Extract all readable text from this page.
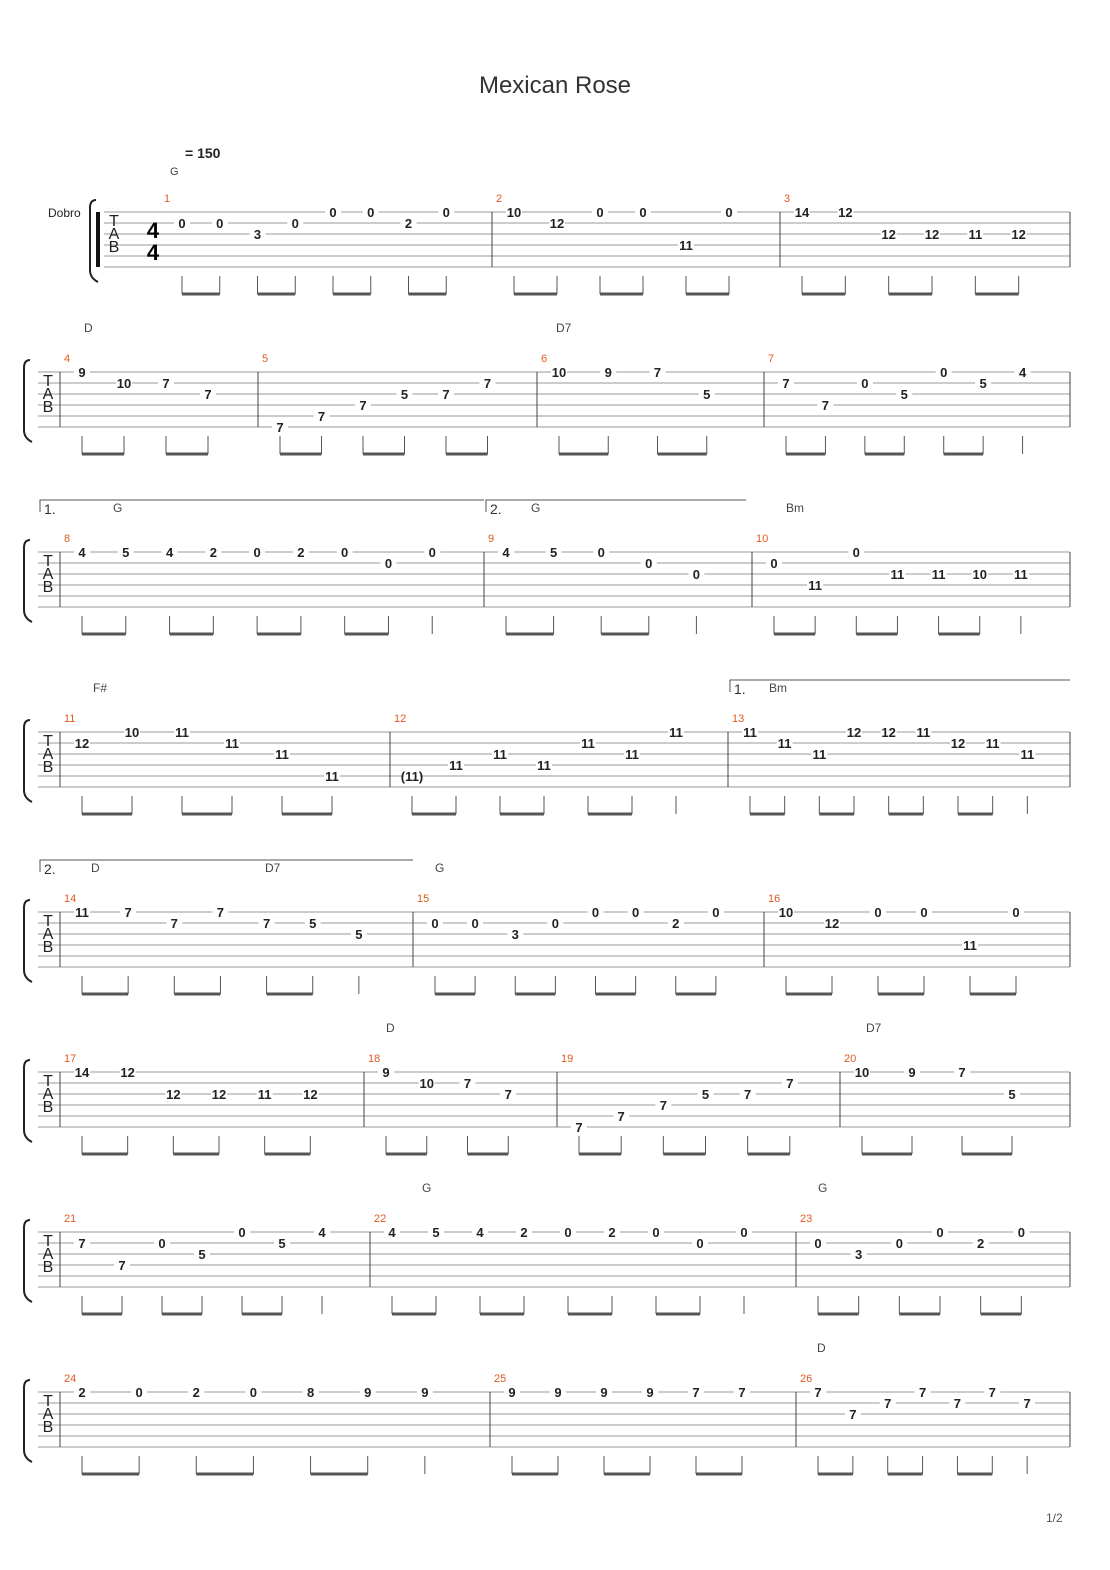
Mexican Rose
= 150
G
Dobro
1/2
T
A
B
4
4
1
0 0
3
0
0 0
2
0
2
10
12
0	0
11
0
3
14 12
12 12 11 12
T
A
B
D	D7
4
9
10 7
7
5
7
7
7
5	7
7
6
10	9	7
5
7
7
7
0
5
0
5
4
T
A
B
G	G	Bm
1.	2.
8
4	5	4	2	0	2	0
0
0
9
4	5	0
0
0
10
0
11
0
11 11 10 11
T
A
B
F#	Bm
1.
11
12
10	11
11
11
11
12
(11)
11
11
11
11
11
11
13
11
11
11
12 12 11
12 11
11
T
A
B
D	D7	G
2.
14
11	7
7
7
7	5
5
15
0	0
3
0
0	0
2
0
16
10
12
0	0
11
0
T
A
B
D	D7
17
14 12
12 12 11 12
18
9
10 7
7
19
7
7
7
5	7
7
20
10	9	7
5
T
A
B
G	G
21
7
7
0
5
0
5
4
22
4	5	4	2	0	2	0
0
0
23
0
3
0
0
2
0
T
A
B
D
24
2	0	2	0	8	9	9
25
9	9	9	9	7	7
26
7
7
7
7
7
7
7
